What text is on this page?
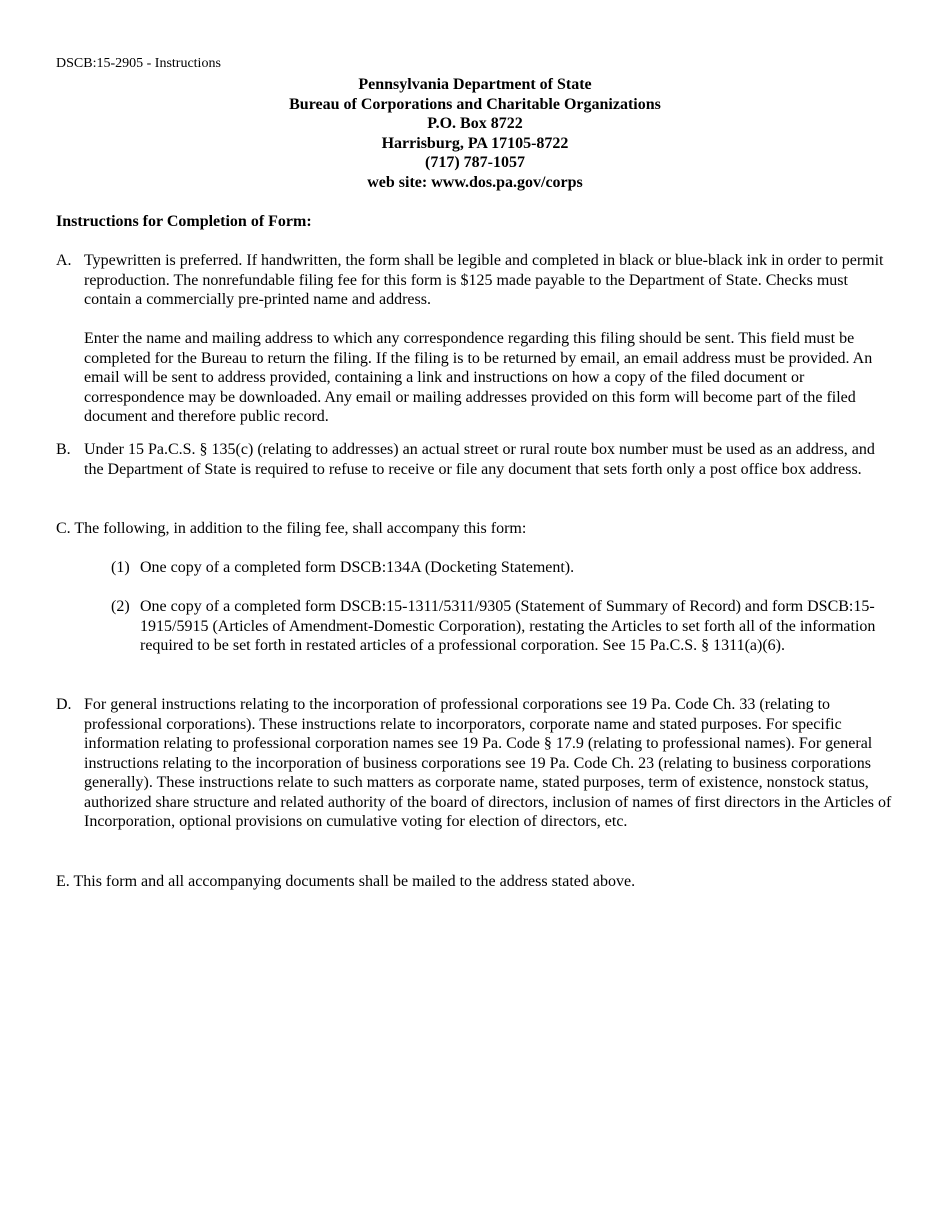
DSCB:15-2905 - Instructions
Pennsylvania Department of State
Bureau of Corporations and Charitable Organizations
P.O. Box 8722
Harrisburg, PA 17105-8722
(717) 787-1057
web site: www.dos.pa.gov/corps
Instructions for Completion of Form:
A. Typewritten is preferred. If handwritten, the form shall be legible and completed in black or blue-black ink in order to permit reproduction. The nonrefundable filing fee for this form is $125 made payable to the Department of State. Checks must contain a commercially pre-printed name and address.

Enter the name and mailing address to which any correspondence regarding this filing should be sent. This field must be completed for the Bureau to return the filing. If the filing is to be returned by email, an email address must be provided. An email will be sent to address provided, containing a link and instructions on how a copy of the filed document or correspondence may be downloaded. Any email or mailing addresses provided on this form will become part of the filed document and therefore public record.

B. Under 15 Pa.C.S. § 135(c) (relating to addresses) an actual street or rural route box number must be used as an address, and the Department of State is required to refuse to receive or file any document that sets forth only a post office box address.
C. The following, in addition to the filing fee, shall accompany this form:
(1) One copy of a completed form DSCB:134A (Docketing Statement).
(2) One copy of a completed form DSCB:15-1311/5311/9305 (Statement of Summary of Record) and form DSCB:15-1915/5915 (Articles of Amendment-Domestic Corporation), restating the Articles to set forth all of the information required to be set forth in restated articles of a professional corporation. See 15 Pa.C.S. § 1311(a)(6).
D. For general instructions relating to the incorporation of professional corporations see 19 Pa. Code Ch. 33 (relating to professional corporations). These instructions relate to incorporators, corporate name and stated purposes. For specific information relating to professional corporation names see 19 Pa. Code § 17.9 (relating to professional names). For general instructions relating to the incorporation of business corporations see 19 Pa. Code Ch. 23 (relating to business corporations generally). These instructions relate to such matters as corporate name, stated purposes, term of existence, nonstock status, authorized share structure and related authority of the board of directors, inclusion of names of first directors in the Articles of Incorporation, optional provisions on cumulative voting for election of directors, etc.
E. This form and all accompanying documents shall be mailed to the address stated above.
